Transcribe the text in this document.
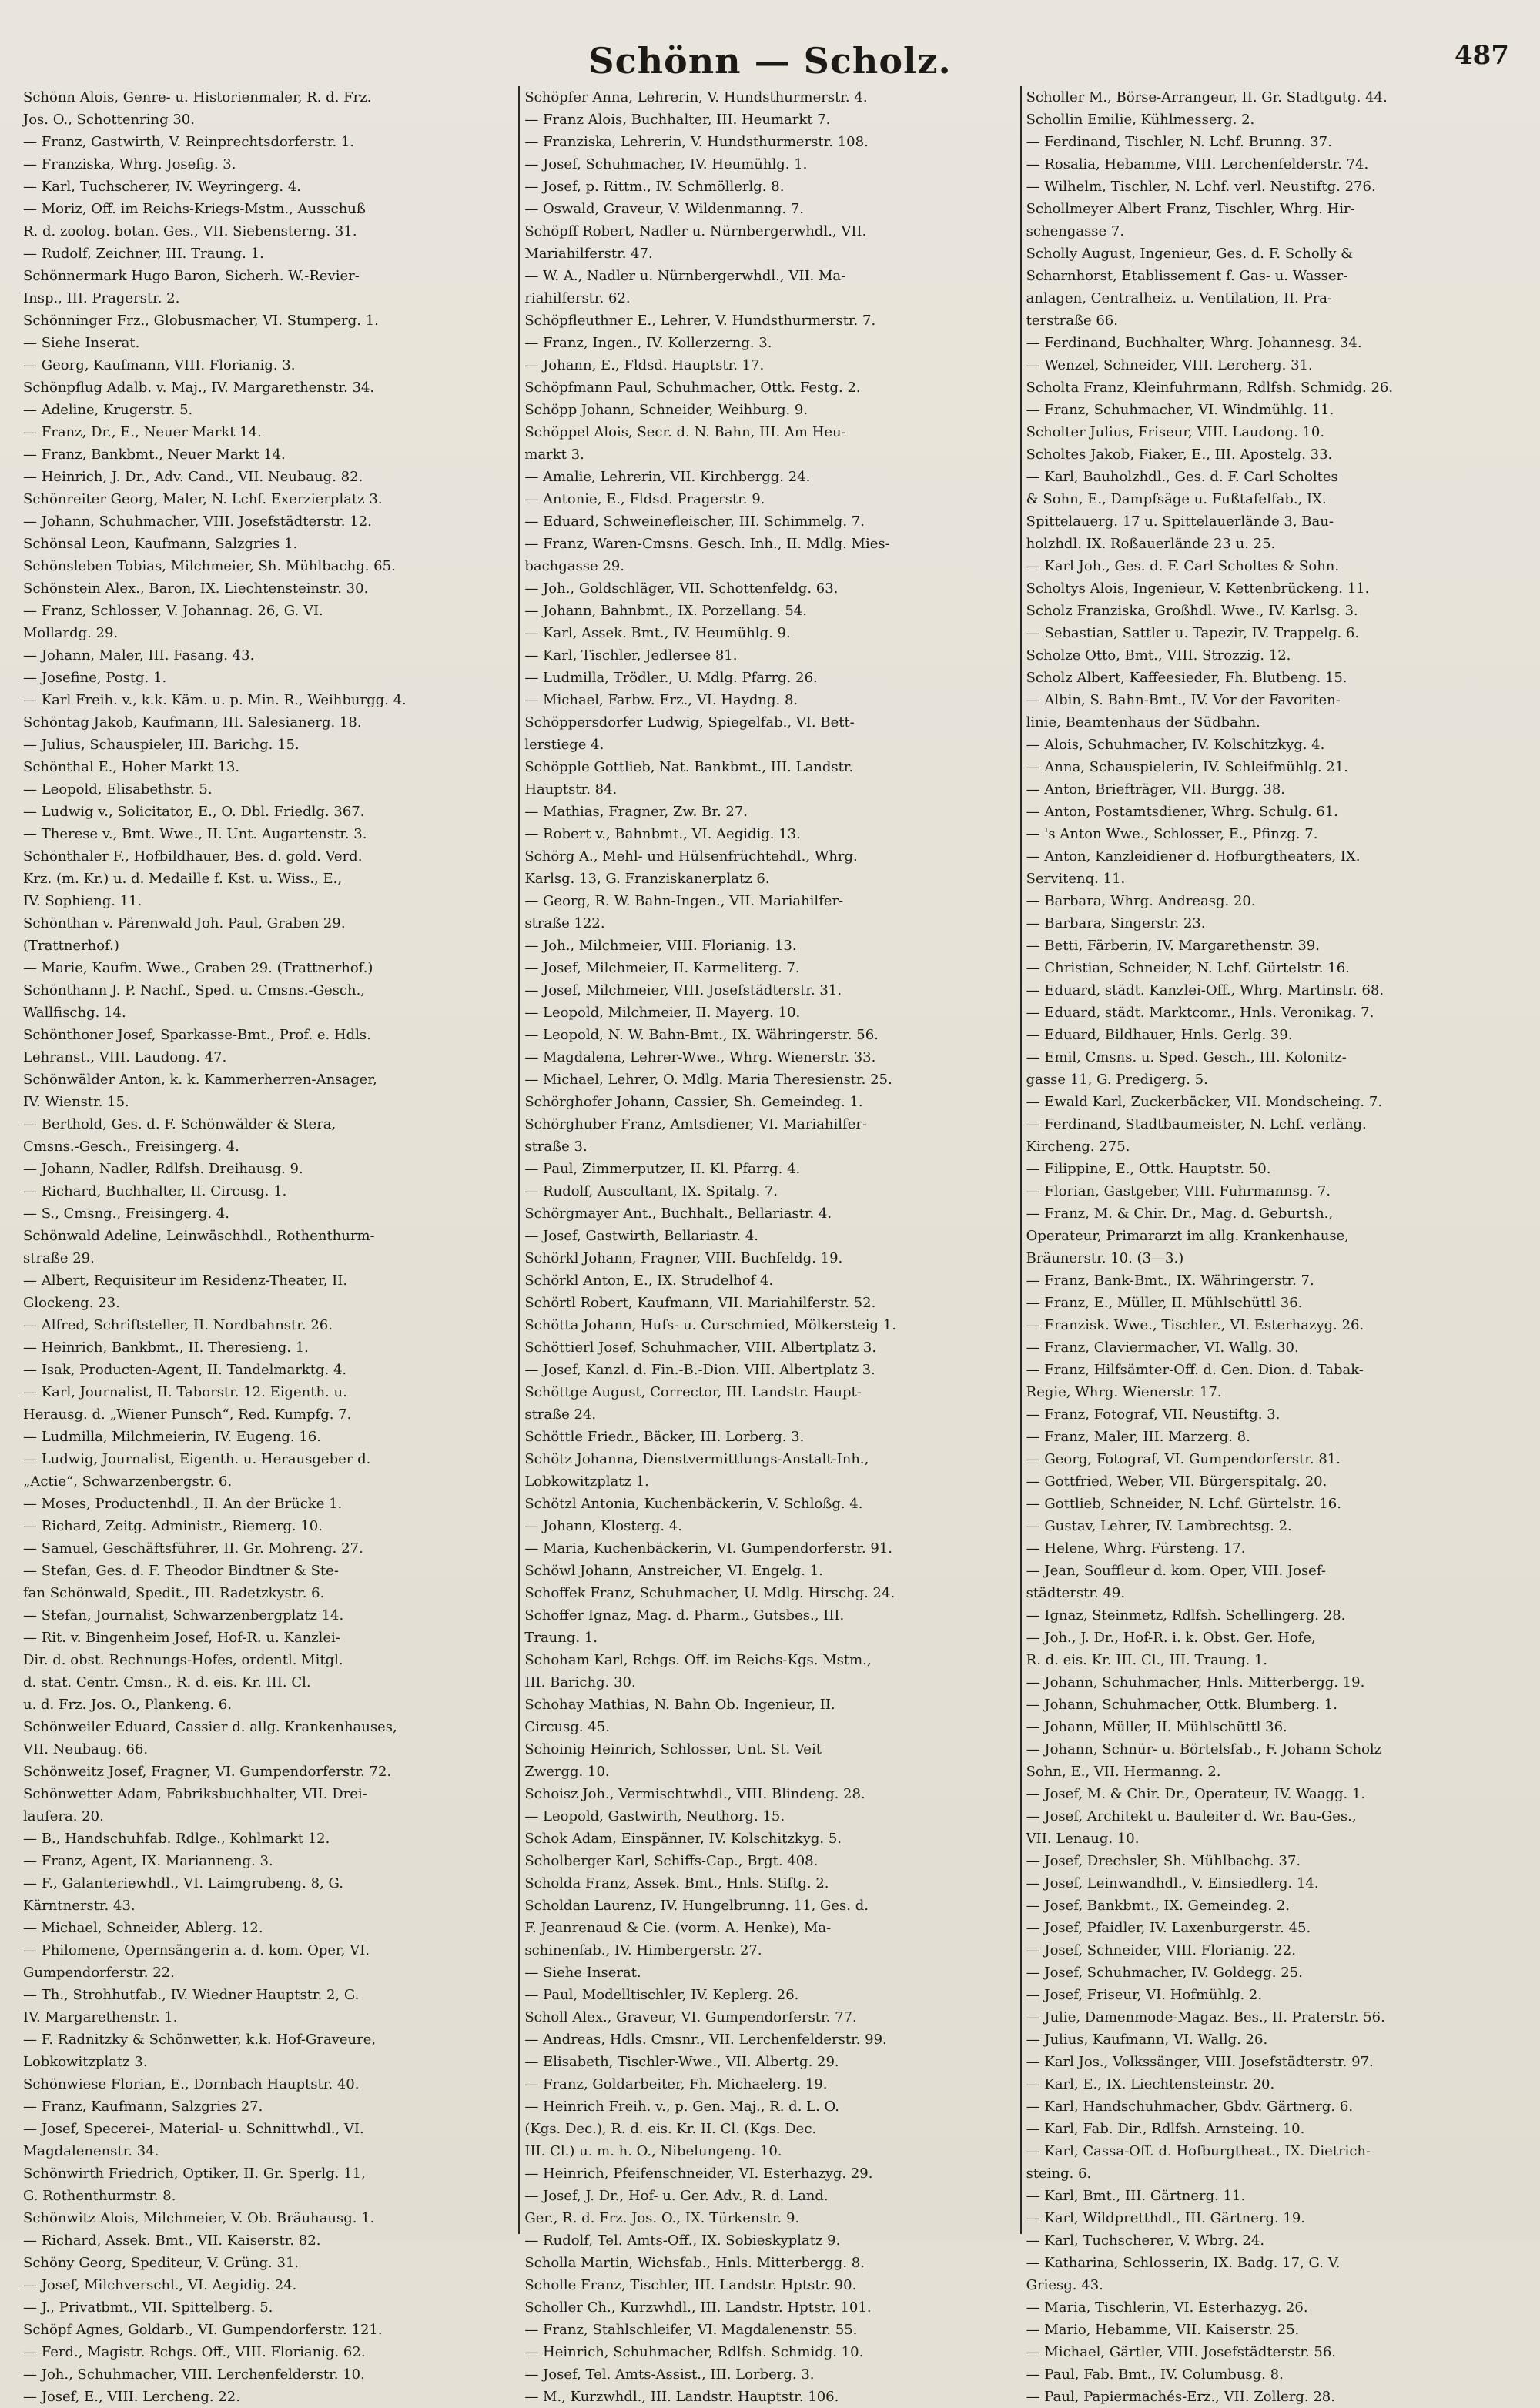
Schönn — Scholz.	487
Schönn Alois, Genre- u. Historienmaler, R. d. Frz.
Jos. O., Schottenring 30.
— Franz, Gastwirth, V. Reinprechtsdorferstr. 1.
— Franziska, Whrg. Josefig. 3.
— Karl, Tuchscherer, IV. Weyringerg. 4.
— Moriz, Off. im Reichs-Kriegs-Mstm., Ausschuß
R. d. zoolog. botan. Ges., VII. Siebensterng. 31.
— Rudolf, Zeichner, III. Traung. 1.
Schönnermark Hugo Baron, Sicherh. W.-Revier-
Insp., III. Pragerstr. 2.
Schönninger Frz., Globusmacher, VI. Stumperg. 1.
— Siehe Inserat.
— Georg, Kaufmann, VIII. Florianig. 3.
Schönpflug Adalb. v. Maj., IV. Margarethenstr. 34.
— Adeline, Krugerstr. 5.
— Franz, Dr., E., Neuer Markt 14.
— Franz, Bankbmt., Neuer Markt 14.
— Heinrich, J. Dr., Adv. Cand., VII. Neubaug. 82.
Schönreiter Georg, Maler, N. Lchf. Exerzierplatz 3.
— Johann, Schuhmacher, VIII. Josefstädterstr. 12.
Schönsal Leon, Kaufmann, Salzgries 1.
Schönsleben Tobias, Milchmeier, Sh. Mühlbachg. 65.
Schönstein Alex., Baron, IX. Liechtensteinstr. 30.
— Franz, Schlosser, V. Johannag. 26, G. VI.
Mollardg. 29.
— Johann, Maler, III. Fasang. 43.
— Josefine, Postg. 1.
— Karl Freih. v., k.k. Käm. u. p. Min. R., Weihburgg. 4.
Schöntag Jakob, Kaufmann, III. Salesianerg. 18.
— Julius, Schauspieler, III. Barichg. 15.
Schönthal E., Hoher Markt 13.
— Leopold, Elisabethstr. 5.
— Ludwig v., Solicitator, E., O. Dbl. Friedlg. 367.
— Therese v., Bmt. Wwe., II. Unt. Augartenstr. 3.
Schönthaler F., Hofbildhauer, Bes. d. gold. Verd.
Krz. (m. Kr.) u. d. Medaille f. Kst. u. Wiss., E.,
IV. Sophieng. 11.
Schönthan v. Pärenwald Joh. Paul, Graben 29.
(Trattnerhof.)
— Marie, Kaufm. Wwe., Graben 29. (Trattnerhof.)
Schönthann J. P. Nachf., Sped. u. Cmsns.-Gesch.,
Wallfischg. 14.
Schönthoner Josef, Sparkasse-Bmt., Prof. e. Hdls.
Lehranst., VIII. Laudong. 47.
Schönwälder Anton, k. k. Kammerherren-Ansager,
IV. Wienstr. 15.
— Berthold, Ges. d. F. Schönwälder & Stera,
Cmsns.-Gesch., Freisingerg. 4.
— Johann, Nadler, Rdlfsh. Dreihausg. 9.
— Richard, Buchhalter, II. Circusg. 1.
— S., Cmsng., Freisingerg. 4.
Schönwald Adeline, Leinwäschhdl., Rothenthurm-
straße 29.
— Albert, Requisiteur im Residenz-Theater, II.
Glockeng. 23.
— Alfred, Schriftsteller, II. Nordbahnstr. 26.
— Heinrich, Bankbmt., II. Theresieng. 1.
— Isak, Producten-Agent, II. Tandelmarktg. 4.
— Karl, Journalist, II. Taborstr. 12. Eigenth. u.
Herausg. d. „Wiener Punsch“, Red. Kumpfg. 7.
— Ludmilla, Milchmeierin, IV. Eugeng. 16.
— Ludwig, Journalist, Eigenth. u. Herausgeber d.
„Actie“, Schwarzenbergstr. 6.
— Moses, Productenhdl., II. An der Brücke 1.
— Richard, Zeitg. Administr., Riemerg. 10.
— Samuel, Geschäftsführer, II. Gr. Mohreng. 27.
— Stefan, Ges. d. F. Theodor Bindtner & Ste-
fan Schönwald, Spedit., III. Radetzkystr. 6.
— Stefan, Journalist, Schwarzenbergplatz 14.
— Rit. v. Bingenheim Josef, Hof-R. u. Kanzlei-
Dir. d. obst. Rechnungs-Hofes, ordentl. Mitgl.
d. stat. Centr. Cmsn., R. d. eis. Kr. III. Cl.
u. d. Frz. Jos. O., Plankeng. 6.
Schönweiler Eduard, Cassier d. allg. Krankenhauses,
VII. Neubaug. 66.
Schönweitz Josef, Fragner, VI. Gumpendorferstr. 72.
Schönwetter Adam, Fabriksbuchhalter, VII. Drei-
laufera. 20.
— B., Handschuhfab. Rdlge., Kohlmarkt 12.
— Franz, Agent, IX. Marianneng. 3.
— F., Galanteriewhdl., VI. Laimgrubeng. 8, G.
Kärntnerstr. 43.
— Michael, Schneider, Ablerg. 12.
— Philomene, Opernsängerin a. d. kom. Oper, VI.
Gumpendorferstr. 22.
— Th., Strohhutfab., IV. Wiedner Hauptstr. 2, G.
IV. Margarethenstr. 1.
— F. Radnitzky & Schönwetter, k.k. Hof-Graveure,
Lobkowitzplatz 3.
Schönwiese Florian, E., Dornbach Hauptstr. 40.
— Franz, Kaufmann, Salzgries 27.
— Josef, Specerei-, Material- u. Schnittwhdl., VI.
Magdalenenstr. 34.
Schönwirth Friedrich, Optiker, II. Gr. Sperlg. 11,
G. Rothenthurmstr. 8.
Schönwitz Alois, Milchmeier, V. Ob. Bräuhausg. 1.
— Richard, Assek. Bmt., VII. Kaiserstr. 82.
Schöny Georg, Spediteur, V. Grüng. 31.
— Josef, Milchverschl., VI. Aegidig. 24.
— J., Privatbmt., VII. Spittelberg. 5.
Schöpf Agnes, Goldarb., VI. Gumpendorferstr. 121.
— Ferd., Magistr. Rchgs. Off., VIII. Florianig. 62.
— Joh., Schuhmacher, VIII. Lerchenfelderstr. 10.
— Josef, E., VIII. Lercheng. 22.
Schöpfer Anna, Lehrerin, V. Hundsthurmerstr. 4.
— Franz Alois, Buchhalter, III. Heumarkt 7.
— Franziska, Lehrerin, V. Hundsthurmerstr. 108.
— Josef, Schuhmacher, IV. Heumühlg. 1.
— Josef, p. Rittm., IV. Schmöllerlg. 8.
— Oswald, Graveur, V. Wildenmanng. 7.
Schöpff Robert, Nadler u. Nürnbergerwhdl., VII.
Mariahilferstr. 47.
— W. A., Nadler u. Nürnbergerwhdl., VII. Ma-
riahilferstr. 62.
Schöpfleuthner E., Lehrer, V. Hundsthurmerstr. 7.
— Franz, Ingen., IV. Kollerzerng. 3.
— Johann, E., Fldsd. Hauptstr. 17.
Schöpfmann Paul, Schuhmacher, Ottk. Festg. 2.
Schöpp Johann, Schneider, Weihburg. 9.
Schöppel Alois, Secr. d. N. Bahn, III. Am Heu-
markt 3.
— Amalie, Lehrerin, VII. Kirchbergg. 24.
— Antonie, E., Fldsd. Pragerstr. 9.
— Eduard, Schweinefleischer, III. Schimmelg. 7.
— Franz, Waren-Cmsns. Gesch. Inh., II. Mdlg. Mies-
bachgasse 29.
— Joh., Goldschläger, VII. Schottenfeldg. 63.
— Johann, Bahnbmt., IX. Porzellang. 54.
— Karl, Assek. Bmt., IV. Heumühlg. 9.
— Karl, Tischler, Jedlersee 81.
— Ludmilla, Trödler., U. Mdlg. Pfarrg. 26.
— Michael, Farbw. Erz., VI. Haydng. 8.
Schöppersdorfer Ludwig, Spiegelfab., VI. Bett-
lerstiege 4.
Schöpple Gottlieb, Nat. Bankbmt., III. Landstr.
Hauptstr. 84.
— Mathias, Fragner, Zw. Br. 27.
— Robert v., Bahnbmt., VI. Aegidig. 13.
Schörg A., Mehl- und Hülsenfrüchtehdl., Whrg.
Karlsg. 13, G. Franziskanerplatz 6.
— Georg, R. W. Bahn-Ingen., VII. Mariahilfer-
straße 122.
— Joh., Milchmeier, VIII. Florianig. 13.
— Josef, Milchmeier, II. Karmeliterg. 7.
— Josef, Milchmeier, VIII. Josefstädterstr. 31.
— Leopold, Milchmeier, II. Mayerg. 10.
— Leopold, N. W. Bahn-Bmt., IX. Währingerstr. 56.
— Magdalena, Lehrer-Wwe., Whrg. Wienerstr. 33.
— Michael, Lehrer, O. Mdlg. Maria Theresienstr. 25.
Schörghofer Johann, Cassier, Sh. Gemeindeg. 1.
Schörghuber Franz, Amtsdiener, VI. Mariahilfer-
straße 3.
— Paul, Zimmerputzer, II. Kl. Pfarrg. 4.
— Rudolf, Auscultant, IX. Spitalg. 7.
Schörgmayer Ant., Buchhalt., Bellariastr. 4.
— Josef, Gastwirth, Bellariastr. 4.
Schörkl Johann, Fragner, VIII. Buchfeldg. 19.
Schörkl Anton, E., IX. Strudelhof 4.
Schörtl Robert, Kaufmann, VII. Mariahilferstr. 52.
Schötta Johann, Hufs- u. Curschmied, Mölkersteig 1.
Schöttierl Josef, Schuhmacher, VIII. Albertplatz 3.
— Josef, Kanzl. d. Fin.-B.-Dion. VIII. Albertplatz 3.
Schöttge August, Corrector, III. Landstr. Haupt-
straße 24.
Schöttle Friedr., Bäcker, III. Lorberg. 3.
Schötz Johanna, Dienstvermittlungs-Anstalt-Inh.,
Lobkowitzplatz 1.
Schötzl Antonia, Kuchenbäckerin, V. Schloßg. 4.
— Johann, Klosterg. 4.
— Maria, Kuchenbäckerin, VI. Gumpendorferstr. 91.
Schöwl Johann, Anstreicher, VI. Engelg. 1.
Schoffek Franz, Schuhmacher, U. Mdlg. Hirschg. 24.
Schoffer Ignaz, Mag. d. Pharm., Gutsbes., III.
Traung. 1.
Schoham Karl, Rchgs. Off. im Reichs-Kgs. Mstm.,
III. Barichg. 30.
Schohay Mathias, N. Bahn Ob. Ingenieur, II.
Circusg. 45.
Schoinig Heinrich, Schlosser, Unt. St. Veit
Zwergg. 10.
Schoisz Joh., Vermischtwhdl., VIII. Blindeng. 28.
— Leopold, Gastwirth, Neuthorg. 15.
Schok Adam, Einspänner, IV. Kolschitzkyg. 5.
Scholberger Karl, Schiffs-Cap., Brgt. 408.
Scholda Franz, Assek. Bmt., Hnls. Stiftg. 2.
Scholdan Laurenz, IV. Hungelbrunng. 11, Ges. d.
F. Jeanrenaud & Cie. (vorm. A. Henke), Ma-
schinenfab., IV. Himbergerstr. 27.
— Siehe Inserat.
— Paul, Modelltischler, IV. Keplerg. 26.
Scholl Alex., Graveur, VI. Gumpendorferstr. 77.
— Andreas, Hdls. Cmsnr., VII. Lerchenfelderstr. 99.
— Elisabeth, Tischler-Wwe., VII. Albertg. 29.
— Franz, Goldarbeiter, Fh. Michaelerg. 19.
— Heinrich Freih. v., p. Gen. Maj., R. d. L. O.
(Kgs. Dec.), R. d. eis. Kr. II. Cl. (Kgs. Dec.
III. Cl.) u. m. h. O., Nibelungeng. 10.
— Heinrich, Pfeifenschneider, VI. Esterhazyg. 29.
— Josef, J. Dr., Hof- u. Ger. Adv., R. d. Land.
Ger., R. d. Frz. Jos. O., IX. Türkenstr. 9.
— Rudolf, Tel. Amts-Off., IX. Sobieskyplatz 9.
Scholla Martin, Wichsfab., Hnls. Mitterbergg. 8.
Scholle Franz, Tischler, III. Landstr. Hptstr. 90.
Scholler Ch., Kurzwhdl., III. Landstr. Hptstr. 101.
— Franz, Stahlschleifer, VI. Magdalenenstr. 55.
— Heinrich, Schuhmacher, Rdlfsh. Schmidg. 10.
— Josef, Tel. Amts-Assist., III. Lorberg. 3.
— M., Kurzwhdl., III. Landstr. Hauptstr. 106.
Scholler M., Börse-Arrangeur, II. Gr. Stadtgutg. 44.
Schollin Emilie, Kühlmesserg. 2.
— Ferdinand, Tischler, N. Lchf. Brunng. 37.
— Rosalia, Hebamme, VIII. Lerchenfelderstr. 74.
— Wilhelm, Tischler, N. Lchf. verl. Neustiftg. 276.
Schollmeyer Albert Franz, Tischler, Whrg. Hir-
schengasse 7.
Scholly August, Ingenieur, Ges. d. F. Scholly &
Scharnhorst, Etablissement f. Gas- u. Wasser-
anlagen, Centralheiz. u. Ventilation, II. Pra-
terstraße 66.
— Ferdinand, Buchhalter, Whrg. Johannesg. 34.
— Wenzel, Schneider, VIII. Lercherg. 31.
Scholta Franz, Kleinfuhrmann, Rdlfsh. Schmidg. 26.
— Franz, Schuhmacher, VI. Windmühlg. 11.
Scholter Julius, Friseur, VIII. Laudong. 10.
Scholtes Jakob, Fiaker, E., III. Apostelg. 33.
— Karl, Bauholzhdl., Ges. d. F. Carl Scholtes
& Sohn, E., Dampfsäge u. Fußtafelfab., IX.
Spittelauerg. 17 u. Spittelauerlände 3, Bau-
holzhdl. IX. Roßauerlände 23 u. 25.
— Karl Joh., Ges. d. F. Carl Scholtes & Sohn.
Scholtys Alois, Ingenieur, V. Kettenbrückeng. 11.
Scholz Franziska, Großhdl. Wwe., IV. Karlsg. 3.
— Sebastian, Sattler u. Tapezir, IV. Trappelg. 6.
Scholze Otto, Bmt., VIII. Strozzig. 12.
Scholz Albert, Kaffeesieder, Fh. Blutbeng. 15.
— Albin, S. Bahn-Bmt., IV. Vor der Favoriten-
linie, Beamtenhaus der Südbahn.
— Alois, Schuhmacher, IV. Kolschitzkyg. 4.
— Anna, Schauspielerin, IV. Schleifmühlg. 21.
— Anton, Briefträger, VII. Burgg. 38.
— Anton, Postamtsdiener, Whrg. Schulg. 61.
— 's Anton Wwe., Schlosser, E., Pfinzg. 7.
— Anton, Kanzleidiener d. Hofburgtheaters, IX.
Servitenq. 11.
— Barbara, Whrg. Andreasg. 20.
— Barbara, Singerstr. 23.
— Betti, Färberin, IV. Margarethenstr. 39.
— Christian, Schneider, N. Lchf. Gürtelstr. 16.
— Eduard, städt. Kanzlei-Off., Whrg. Martinstr. 68.
— Eduard, städt. Marktcomr., Hnls. Veronikag. 7.
— Eduard, Bildhauer, Hnls. Gerlg. 39.
— Emil, Cmsns. u. Sped. Gesch., III. Kolonitz-
gasse 11, G. Predigerg. 5.
— Ewald Karl, Zuckerbäcker, VII. Mondscheing. 7.
— Ferdinand, Stadtbaumeister, N. Lchf. verläng.
Kircheng. 275.
— Filippine, E., Ottk. Hauptstr. 50.
— Florian, Gastgeber, VIII. Fuhrmannsg. 7.
— Franz, M. & Chir. Dr., Mag. d. Geburtsh.,
Operateur, Primararzt im allg. Krankenhause,
Bräunerstr. 10. (3—3.)
— Franz, Bank-Bmt., IX. Währingerstr. 7.
— Franz, E., Müller, II. Mühlschüttl 36.
— Franzisk. Wwe., Tischler., VI. Esterhazyg. 26.
— Franz, Claviermacher, VI. Wallg. 30.
— Franz, Hilfsämter-Off. d. Gen. Dion. d. Tabak-
Regie, Whrg. Wienerstr. 17.
— Franz, Fotograf, VII. Neustiftg. 3.
— Franz, Maler, III. Marzerg. 8.
— Georg, Fotograf, VI. Gumpendorferstr. 81.
— Gottfried, Weber, VII. Bürgerspitalg. 20.
— Gottlieb, Schneider, N. Lchf. Gürtelstr. 16.
— Gustav, Lehrer, IV. Lambrechtsg. 2.
— Helene, Whrg. Fürsteng. 17.
— Jean, Souffleur d. kom. Oper, VIII. Josef-
städterstr. 49.
— Ignaz, Steinmetz, Rdlfsh. Schellingerg. 28.
— Joh., J. Dr., Hof-R. i. k. Obst. Ger. Hofe,
R. d. eis. Kr. III. Cl., III. Traung. 1.
— Johann, Schuhmacher, Hnls. Mitterbergg. 19.
— Johann, Schuhmacher, Ottk. Blumberg. 1.
— Johann, Müller, II. Mühlschüttl 36.
— Johann, Schnür- u. Börtelsfab., F. Johann Scholz
Sohn, E., VII. Hermanng. 2.
— Josef, M. & Chir. Dr., Operateur, IV. Waagg. 1.
— Josef, Architekt u. Bauleiter d. Wr. Bau-Ges.,
VII. Lenaug. 10.
— Josef, Drechsler, Sh. Mühlbachg. 37.
— Josef, Leinwandhdl., V. Einsiedlerg. 14.
— Josef, Bankbmt., IX. Gemeindeg. 2.
— Josef, Pfaidler, IV. Laxenburgerstr. 45.
— Josef, Schneider, VIII. Florianig. 22.
— Josef, Schuhmacher, IV. Goldegg. 25.
— Josef, Friseur, VI. Hofmühlg. 2.
— Julie, Damenmode-Magaz. Bes., II. Praterstr. 56.
— Julius, Kaufmann, VI. Wallg. 26.
— Karl Jos., Volkssänger, VIII. Josefstädterstr. 97.
— Karl, E., IX. Liechtensteinstr. 20.
— Karl, Handschuhmacher, Gbdv. Gärtnerg. 6.
— Karl, Fab. Dir., Rdlfsh. Arnsteing. 10.
— Karl, Cassa-Off. d. Hofburgtheat., IX. Dietrich-
steing. 6.
— Karl, Bmt., III. Gärtnerg. 11.
— Karl, Wildpretthdl., III. Gärtnerg. 19.
— Karl, Tuchscherer, V. Wbrg. 24.
— Katharina, Schlosserin, IX. Badg. 17, G. V.
Griesg. 43.
— Maria, Tischlerin, VI. Esterhazyg. 26.
— Mario, Hebamme, VII. Kaiserstr. 25.
— Michael, Gärtler, VIII. Josefstädterstr. 56.
— Paul, Fab. Bmt., IV. Columbusg. 8.
— Paul, Papiermachés-Erz., VII. Zollerg. 28.
